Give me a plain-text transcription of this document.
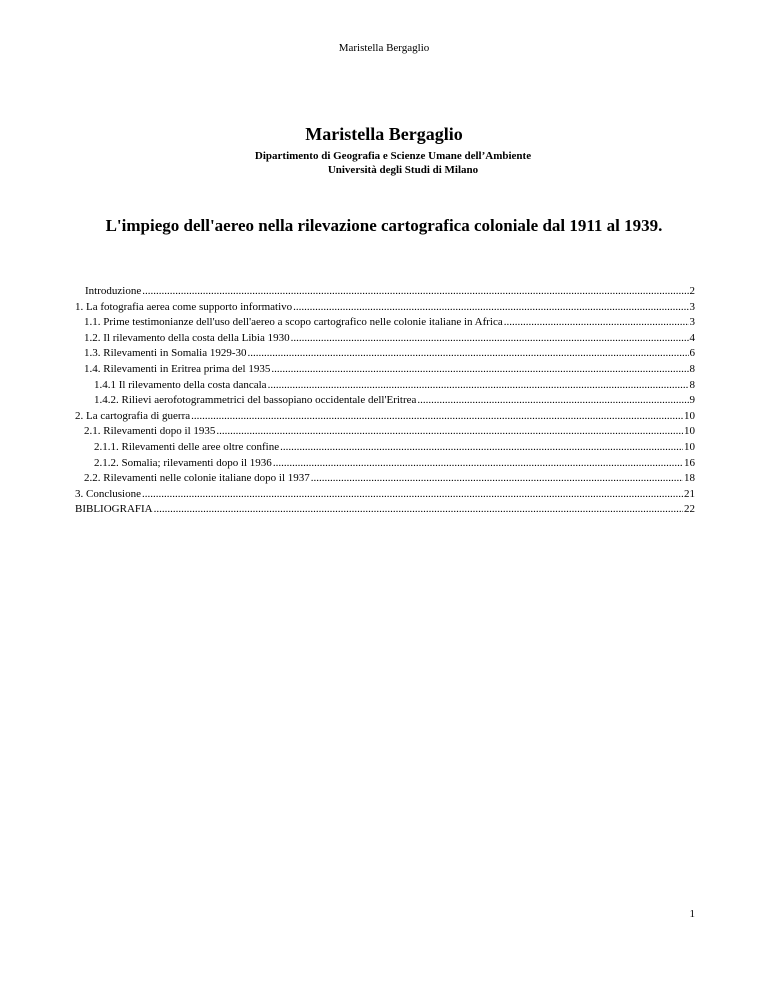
Maristella Bergaglio
Maristella Bergaglio
Dipartimento di Geografia e Scienze Umane dell’Ambiente
Università degli Studi di Milano
L'impiego dell'aereo nella rilevazione cartografica coloniale dal 1911 al 1939.
Introduzione .....	2
1. La fotografia aerea come supporto informativo .....	3
1.1. Prime testimonianze dell'uso dell'aereo a scopo cartografico nelle colonie italiane in Africa .....	3
1.2. Il rilevamento della costa della Libia 1930 .....	4
1.3. Rilevamenti in Somalia 1929-30 .....	6
1.4. Rilevamenti in Eritrea prima del 1935 .....	8
1.4.1 Il rilevamento della costa dancala .....	8
1.4.2. Rilievi aerofotogrammetrici del bassopiano occidentale dell'Eritrea .....	9
2. La cartografia di guerra .....	10
2.1. Rilevamenti dopo il 1935 .....	10
2.1.1. Rilevamenti delle aree oltre confine .....	10
2.1.2. Somalia; rilevamenti dopo il 1936 .....	16
2.2. Rilevamenti nelle colonie italiane dopo il 1937 .....	18
3. Conclusione .....	21
BIBLIOGRAFIA .....	22
1
